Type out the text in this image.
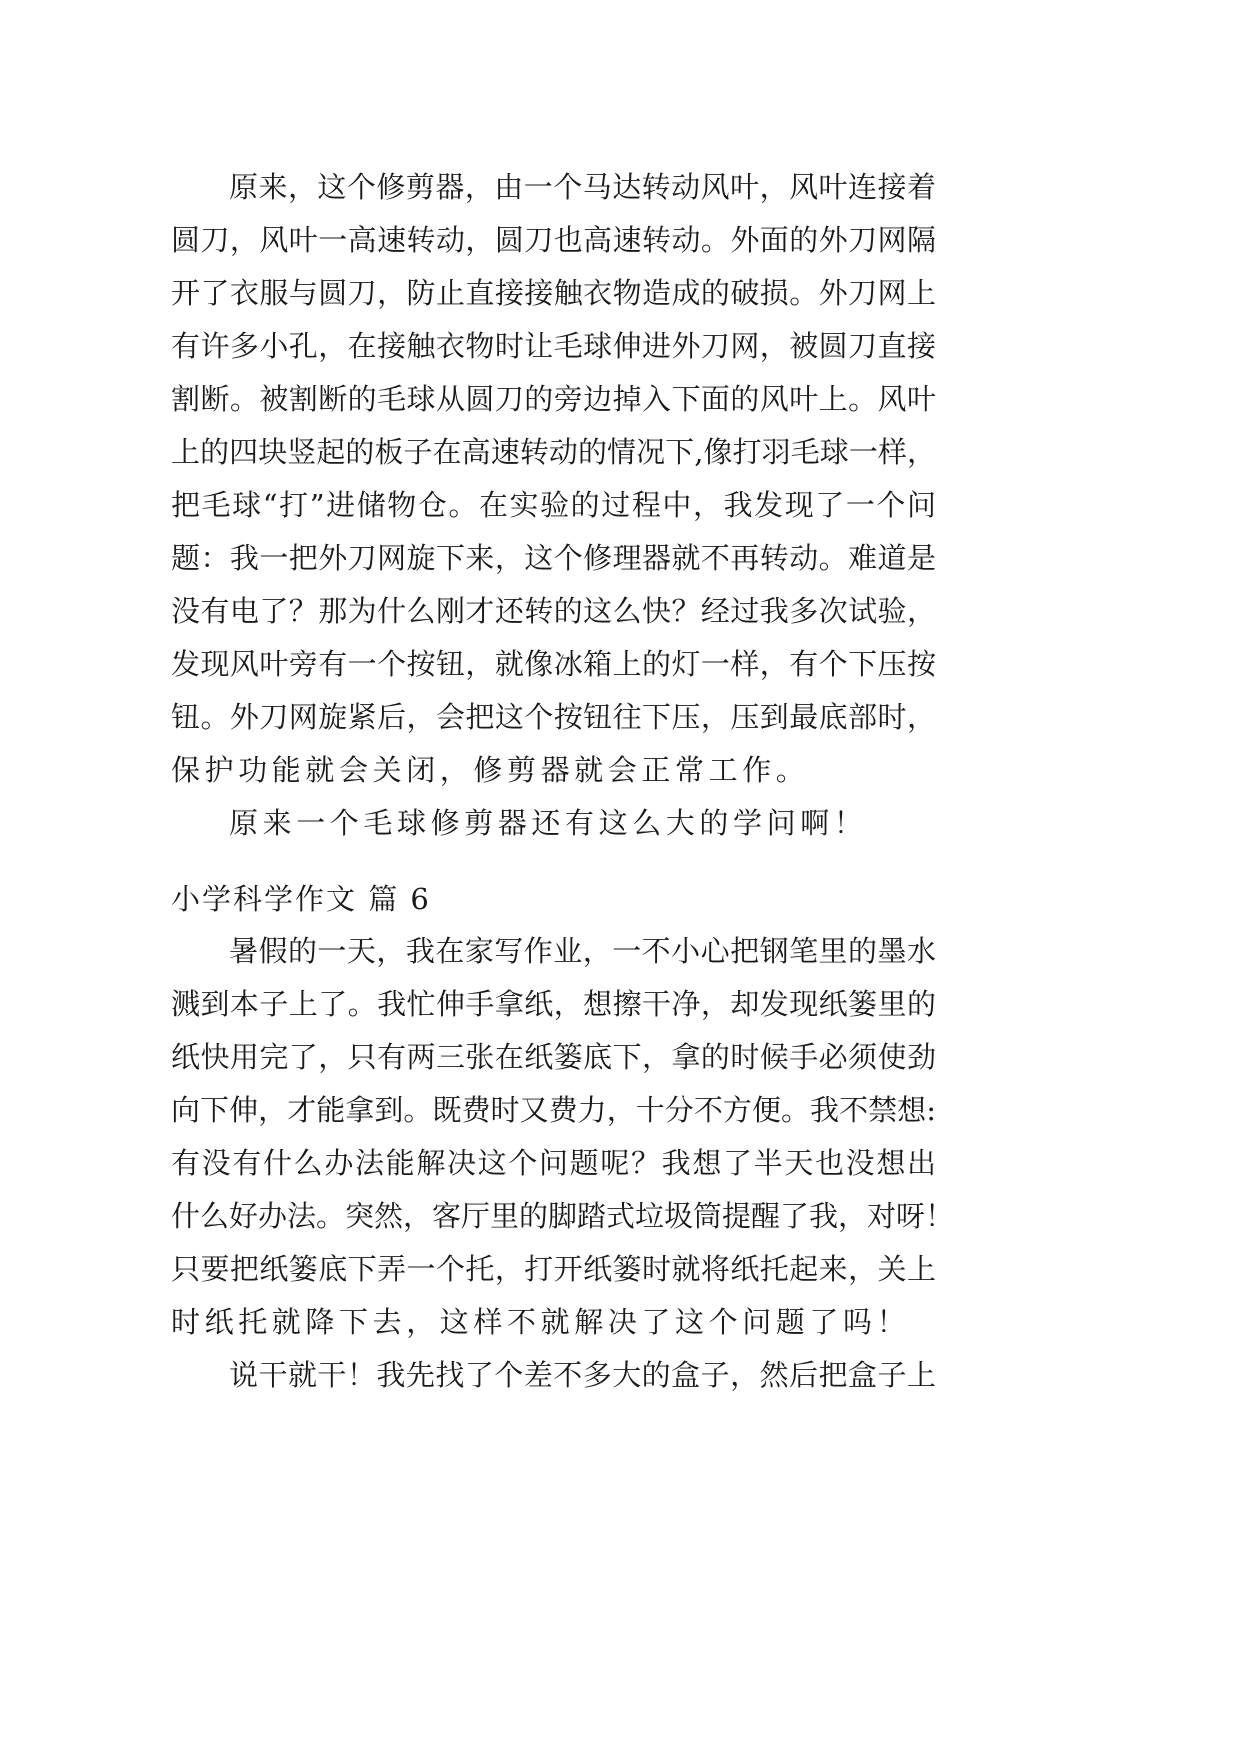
原来，这个修剪器，由一个马达转动风叶，风叶连接着
圆刀，风叶一高速转动，圆刀也高速转动。外面的外刀网隔
开了衣服与圆刀，防止直接接触衣物造成的破损。外刀网上
有许多小孔，在接触衣物时让毛球伸进外刀网，被圆刀直接
割断。被割断的毛球从圆刀的旁边掉入下面的风叶上。风叶
上的四块竖起的板子在高速转动的情况下,像打羽毛球一样，
把毛球“打”进储物仓。在实验的过程中，我发现了一个问
题：我一把外刀网旋下来，这个修理器就不再转动。难道是
没有电了？那为什么刚才还转的这么快？经过我多次试验，
发现风叶旁有一个按钮，就像冰箱上的灯一样，有个下压按
钮。外刀网旋紧后，会把这个按钮往下压，压到最底部时，
保护功能就会关闭，修剪器就会正常工作。
原来一个毛球修剪器还有这么大的学问啊！
小学科学作文 篇 6
暑假的一天，我在家写作业，一不小心把钢笔里的墨水
溅到本子上了。我忙伸手拿纸，想擦干净，却发现纸篓里的
纸快用完了，只有两三张在纸篓底下，拿的时候手必须使劲
向下伸，才能拿到。既费时又费力，十分不方便。我不禁想:
有没有什么办法能解决这个问题呢？我想了半天也没想出
什么好办法。突然，客厅里的脚踏式垃圾筒提醒了我，对呀！
只要把纸篓底下弄一个托，打开纸篓时就将纸托起来，关上
时纸托就降下去，这样不就解决了这个问题了吗！
说干就干！我先找了个差不多大的盒子，然后把盒子上
